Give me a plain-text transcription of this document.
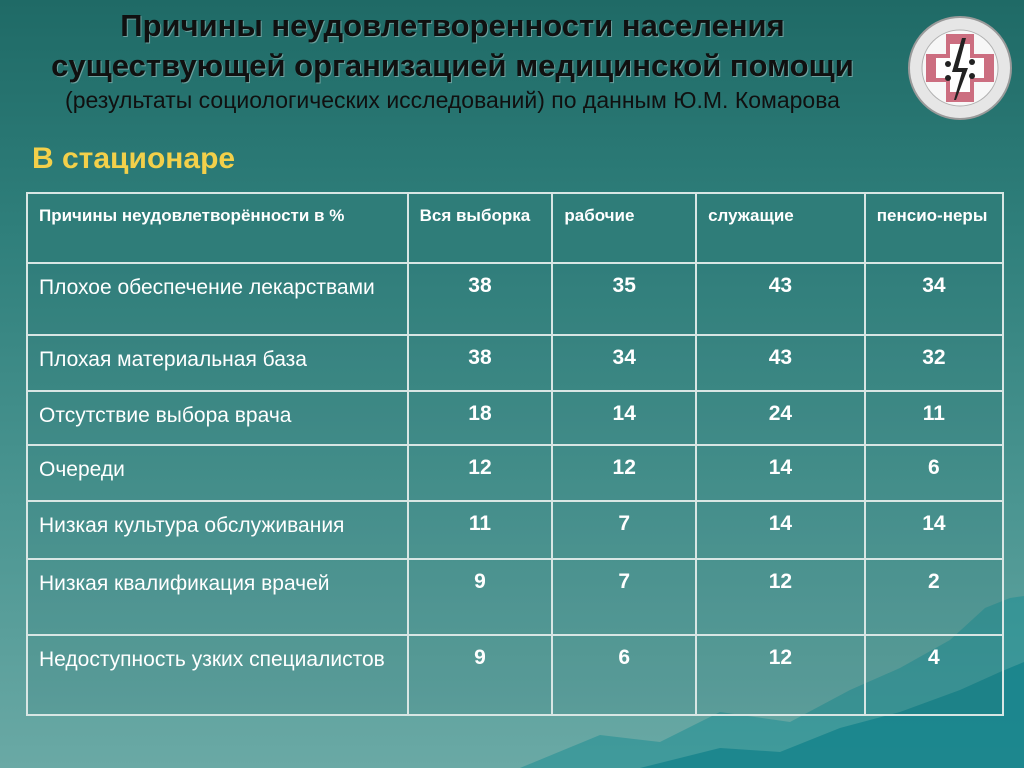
Причины неудовлетворенности населения
существующей организацией медицинской помощи
(результаты социологических исследований) по данным Ю.М. Комарова
В стационаре
Причины неудовлетворённости в %	Вся выборка	рабочие	служащие	пенсио-неры
Плохое обеспечение лекарствами	38	35	43	34
Плохая материальная база	38	34	43	32
Отсутствие выбора врача	18	14	24	11
Очереди	12	12	14	6
Низкая культура обслуживания	11	7	14	14
Низкая квалификация врачей	9	7	12	2
Недоступность узких специалистов	9	6	12	4
